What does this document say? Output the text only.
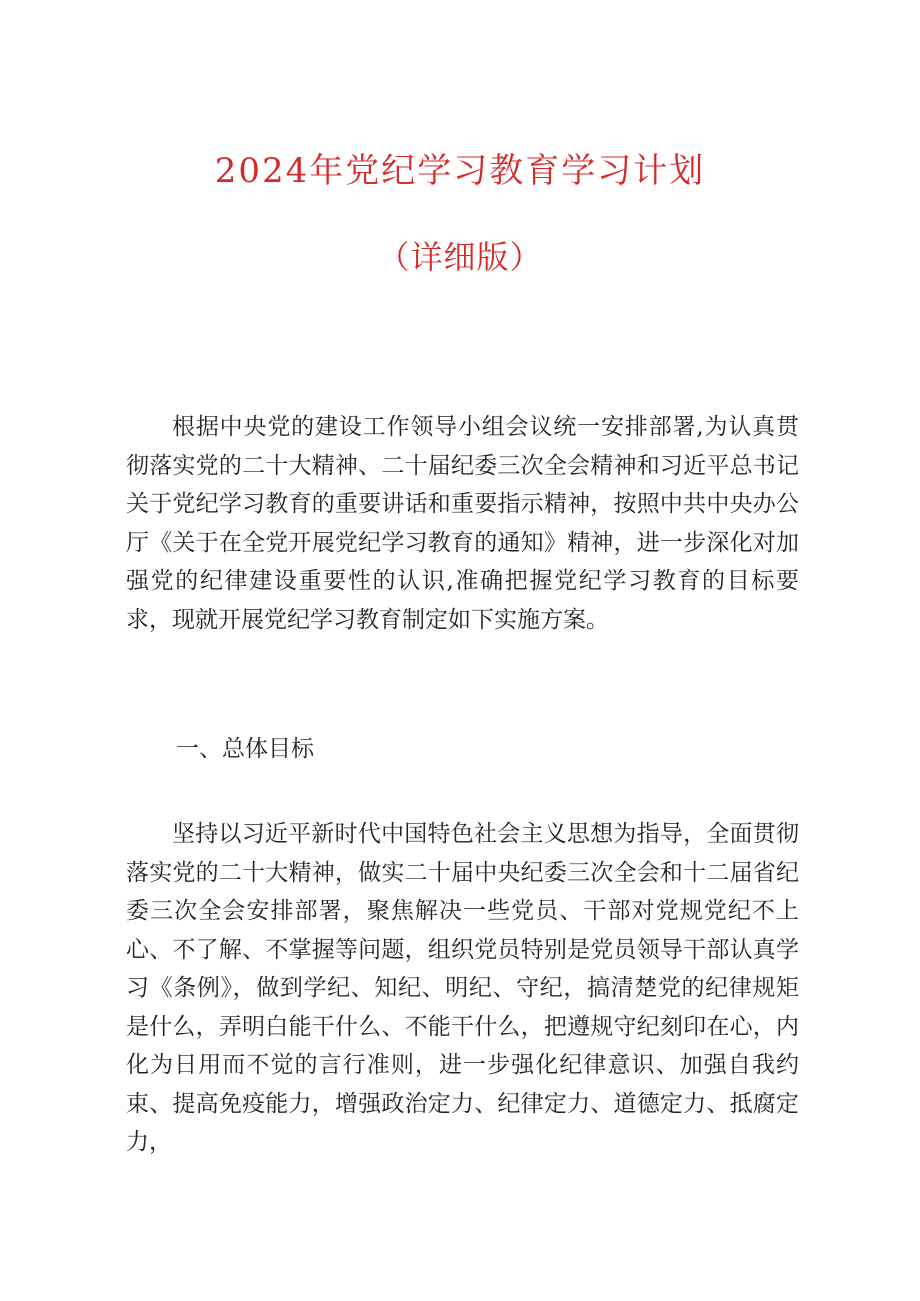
2024年党纪学习教育学习计划
（详细版）

根据中央党的建设工作领导小组会议统一安排部署,为认真贯彻落实党的二十大精神、二十届纪委三次全会精神和习近平总书记关于党纪学习教育的重要讲话和重要指示精神，按照中共中央办公厅《关于在全党开展党纪学习教育的通知》精神，进一步深化对加强党的纪律建设重要性的认识,准确把握党纪学习教育的目标要求，现就开展党纪学习教育制定如下实施方案。

一、总体目标

坚持以习近平新时代中国特色社会主义思想为指导，全面贯彻落实党的二十大精神，做实二十届中央纪委三次全会和十二届省纪委三次全会安排部署，聚焦解决一些党员、干部对党规党纪不上心、不了解、不掌握等问题，组织党员特别是党员领导干部认真学习《条例》，做到学纪、知纪、明纪、守纪，搞清楚党的纪律规矩是什么，弄明白能干什么、不能干什么，把遵规守纪刻印在心，内化为日用而不觉的言行准则，进一步强化纪律意识、加强自我约束、提高免疫能力，增强政治定力、纪律定力、道德定力、抵腐定力，
